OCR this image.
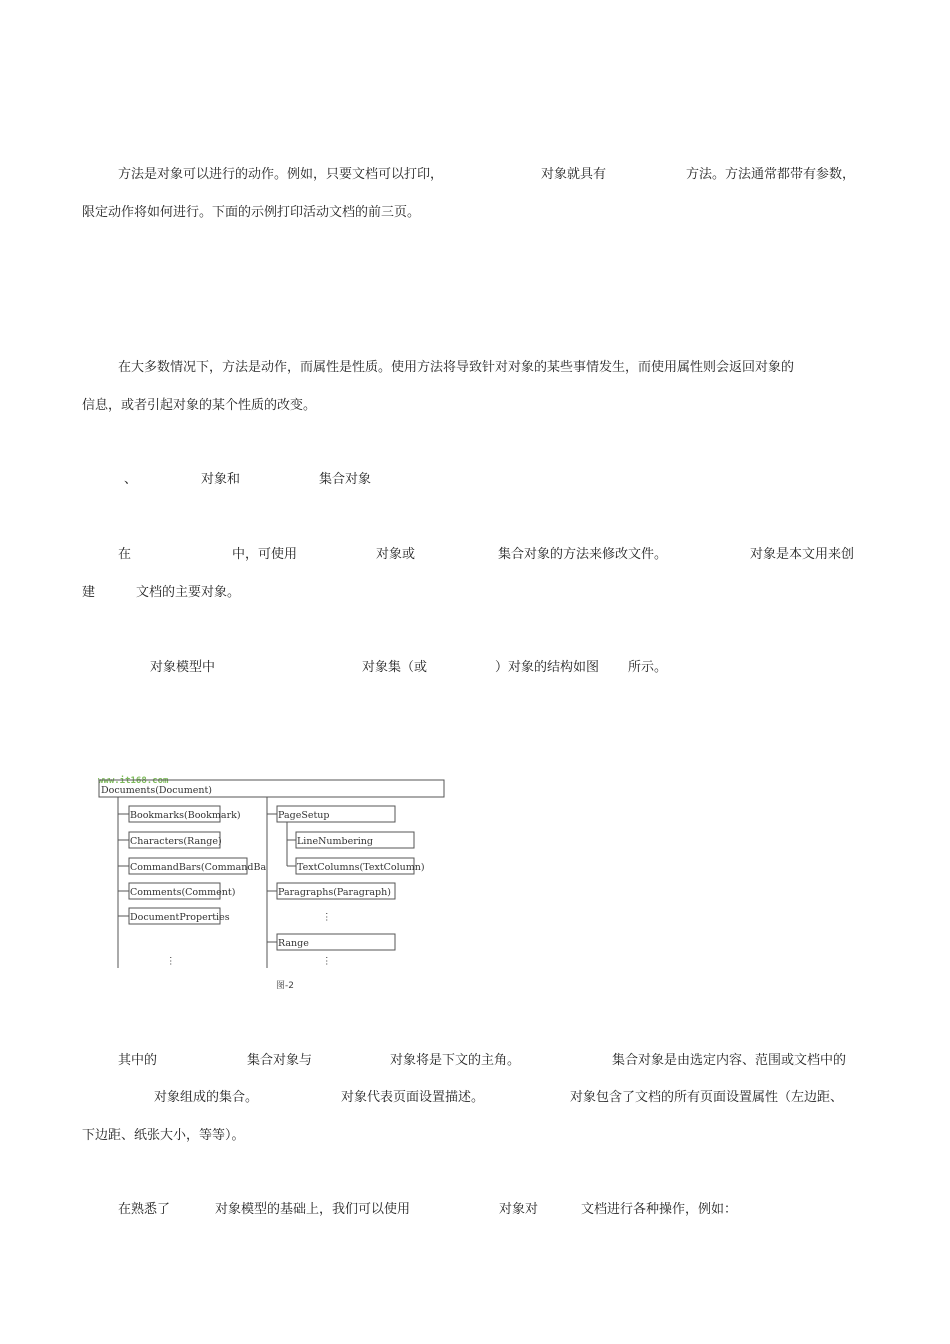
方法是对象可以进行的动作。例如，只要文档可以打印，	对象就具有	方法。方法通常都带有参数，
限定动作将如何进行。下面的示例打印活动文档的前三页。
在大多数情况下，方法是动作，而属性是性质。使用方法将导致针对对象的某些事情发生，而使用属性则会返回对象的
信息，或者引起对象的某个性质的改变。
、	对象和	集合对象
在	中，可使用	对象或	集合对象的方法来修改文件。	对象是本文用来创
建	文档的主要对象。
对象模型中	对象集（或	）对象的结构如图 所示。
www.it168.com
Documents(Document)
Bookmarks(Bookmark)
Characters(Range)
CommandBars(CommandBa
Comments(Comment)
DocumentProperties
⋮
PageSetup
LineNumbering
TextColumns(TextColumn)
Paragraphs(Paragraph)
⋮
Range
⋮
图-2
其中的	集合对象与	对象将是下文的主角。	集合对象是由选定内容、范围或文档中的
对象组成的集合。	对象代表页面设置描述。	对象包含了文档的所有页面设置属性（左边距、
下边距、纸张大小，等等）。
在熟悉了	对象模型的基础上，我们可以使用	对象对	文档进行各种操作，例如：
